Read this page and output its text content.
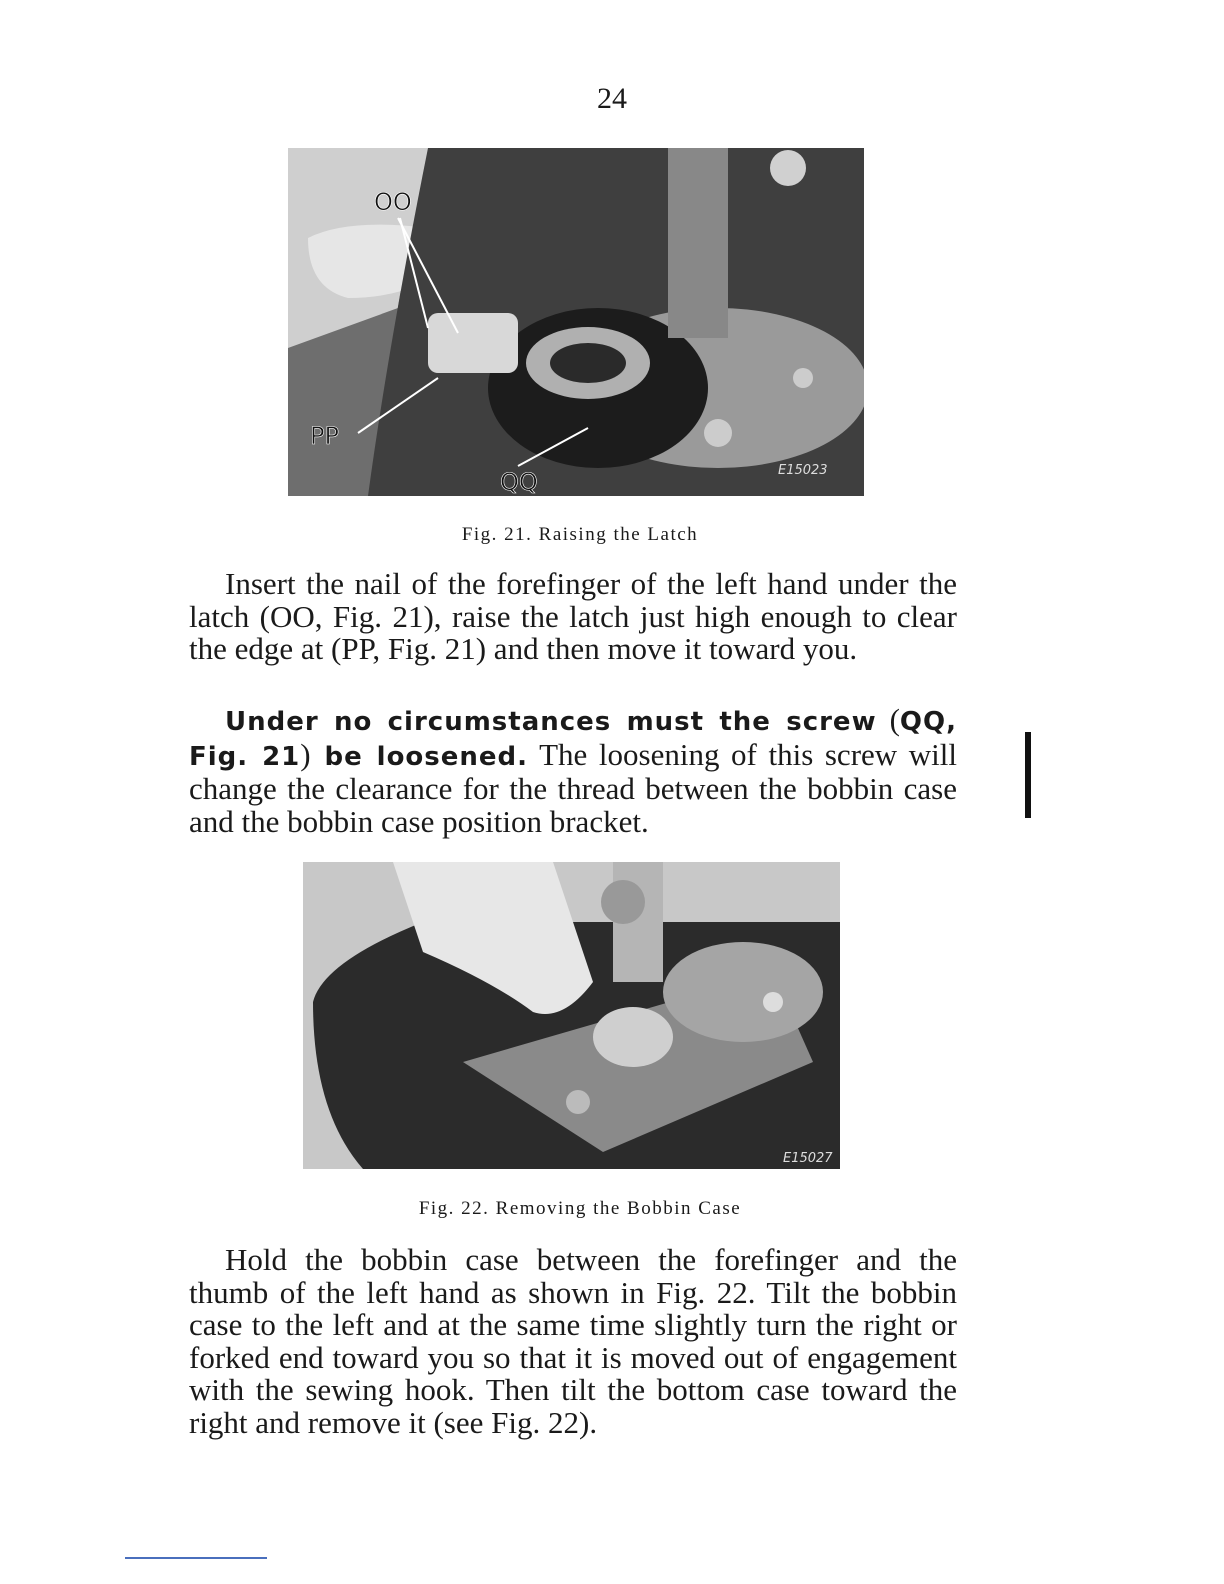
24
OO
PP
QQ	E15023
Fig. 21. Raising the Latch

Insert the nail of the forefinger of the left hand under the latch (OO, Fig. 21), raise the latch just high enough to clear the edge at (PP, Fig. 21) and then move it toward you.

Under no circumstances must the screw (QQ, Fig. 21) be loosened. The loosening of this screw will change the clearance for the thread between the bobbin case and the bobbin case position bracket.

E15027
Fig. 22. Removing the Bobbin Case

Hold the bobbin case between the forefinger and the thumb of the left hand as shown in Fig. 22. Tilt the bobbin case to the left and at the same time slightly turn the right or forked end toward you so that it is moved out of engagement with the sewing hook. Then tilt the bottom case toward the right and remove it (see Fig. 22).
